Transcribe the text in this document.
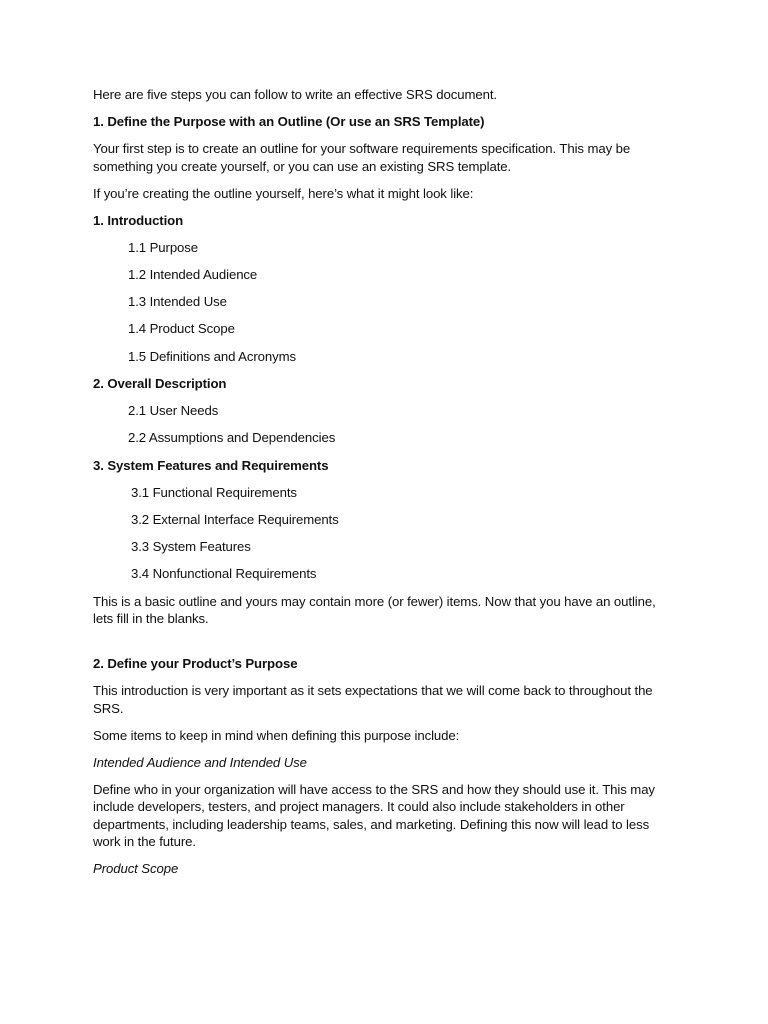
Here are five steps you can follow to write an effective SRS document.

1. Define the Purpose with an Outline (Or use an SRS Template)

Your first step is to create an outline for your software requirements specification. This may be something you create yourself, or you can use an existing SRS template.

If you’re creating the outline yourself, here’s what it might look like:

1. Introduction

1.1 Purpose

1.2 Intended Audience

1.3 Intended Use

1.4 Product Scope

1.5 Definitions and Acronyms

2. Overall Description

2.1 User Needs

2.2 Assumptions and Dependencies

3. System Features and Requirements

3.1 Functional Requirements

3.2 External Interface Requirements

3.3 System Features

3.4 Nonfunctional Requirements

This is a basic outline and yours may contain more (or fewer) items. Now that you have an outline, lets fill in the blanks.

2. Define your Product’s Purpose

This introduction is very important as it sets expectations that we will come back to throughout the SRS.

Some items to keep in mind when defining this purpose include:

Intended Audience and Intended Use

Define who in your organization will have access to the SRS and how they should use it. This may include developers, testers, and project managers. It could also include stakeholders in other departments, including leadership teams, sales, and marketing. Defining this now will lead to less work in the future.

Product Scope
